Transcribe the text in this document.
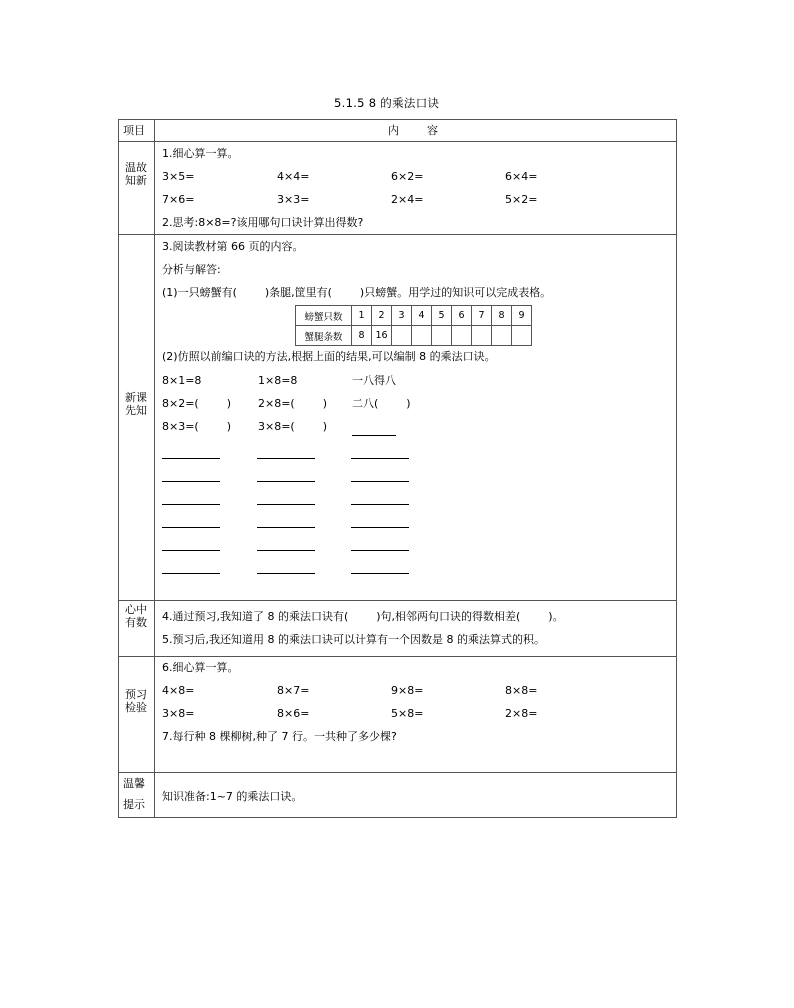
5.1.5 8 的乘法口诀
项目	内        容
温故知新
1.细心算一算。
3×5=	4×4=	6×2=	6×4=
7×6=	3×3=	2×4=	5×2=
2.思考:8×8=?该用哪句口诀计算出得数?
新课先知
3.阅读教材第 66 页的内容。
分析与解答:
(1)一只螃蟹有(        )条腿,筐里有(        )只螃蟹。用学过的知识可以完成表格。
螃蟹只数	1	2	3	4	5	6	7	8	9
蟹腿条数	8	16							
(2)仿照以前编口诀的方法,根据上面的结果,可以编制 8 的乘法口诀。
8×1=8	1×8=8	一八得八
8×2=(        ) 2×8=(        ) 二八(        )
8×3=(        ) 3×8=(        )
心中有数 4.通过预习,我知道了 8 的乘法口诀有(        )句,相邻两句口诀的得数相差(        )。
5.预习后,我还知道用 8 的乘法口诀可以计算有一个因数是 8 的乘法算式的积。
预习检验
6.细心算一算。
4×8=	8×7=	9×8=	8×8=
3×8=	8×6=	5×8=	2×8=
7.每行种 8 棵柳树,种了 7 行。一共种了多少棵?
温馨
提示
知识准备:1~7 的乘法口诀。
